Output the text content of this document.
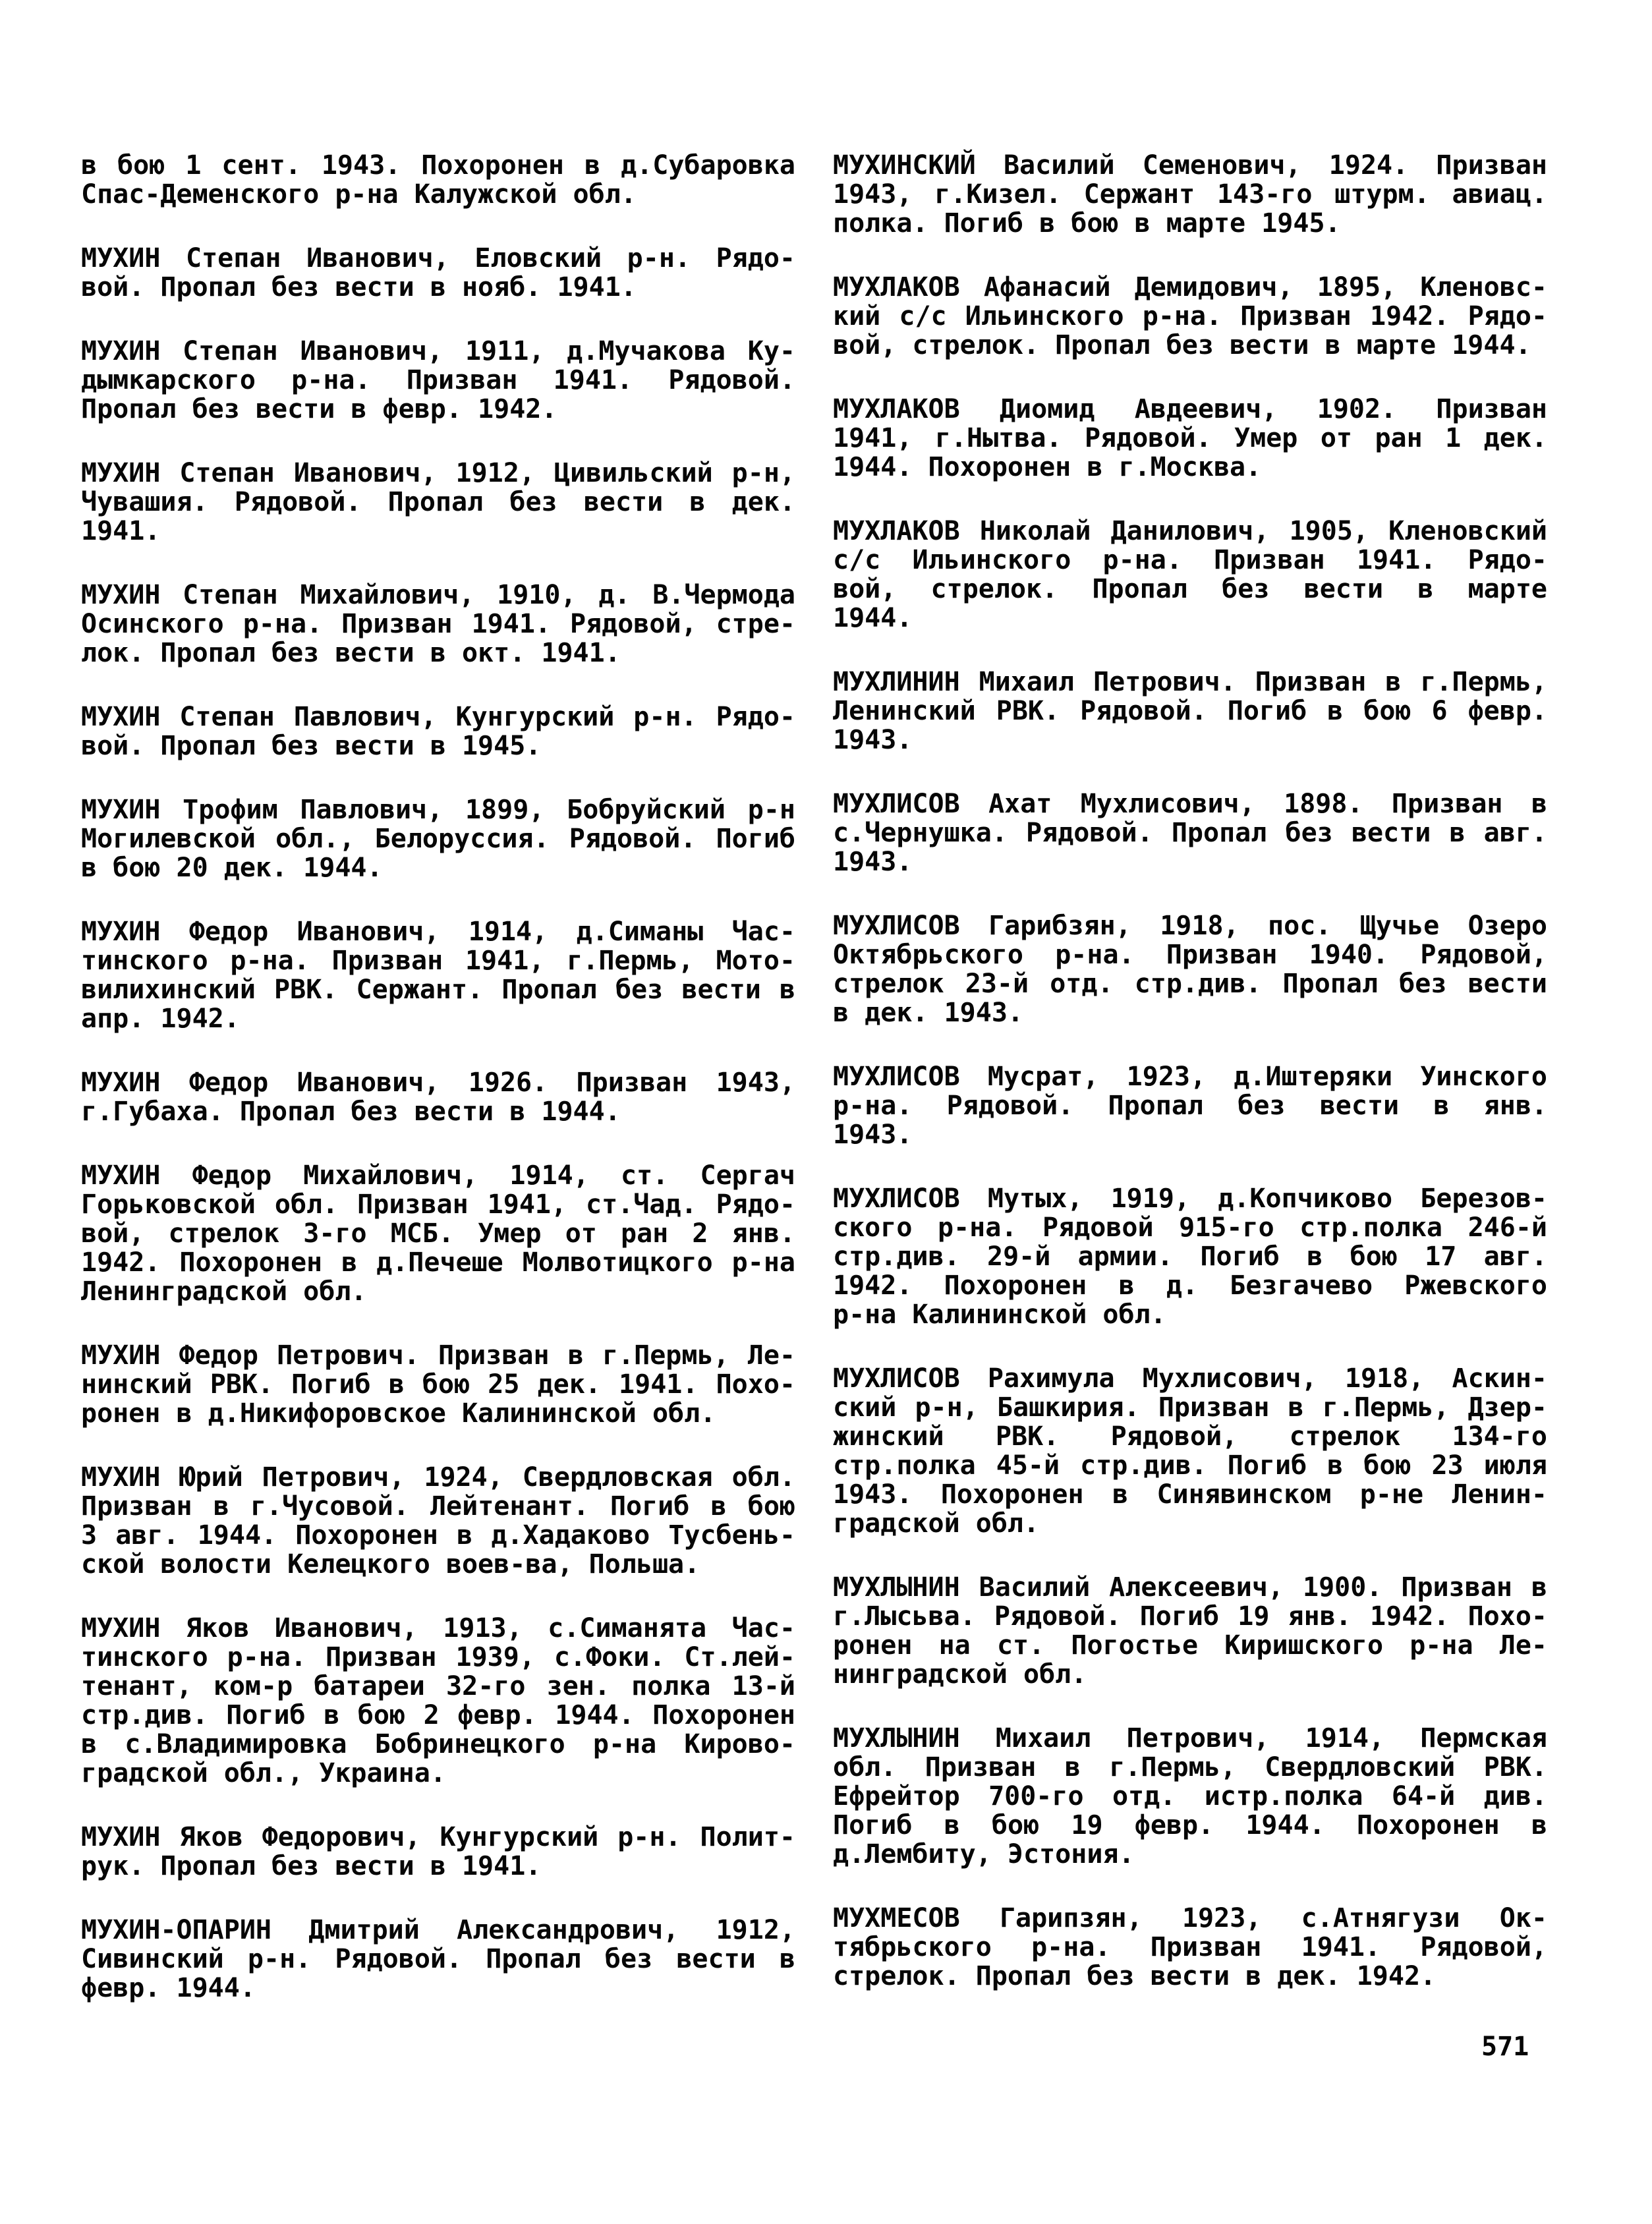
в бою 1 сент. 1943. Похоронен в д.Субаровка
Спас-Деменского р-на Калужской обл.
МУХИН Степан Иванович, Еловский р-н. Рядо-
вой. Пропал без вести в нояб. 1941.
МУХИН Степан Иванович, 1911, д.Мучакова Ку-
дымкарского р-на. Призван 1941. Рядовой.
Пропал без вести в февр. 1942.
МУХИН Степан Иванович, 1912, Цивильский р-н,
Чувашия. Рядовой. Пропал без вести в дек.
1941.
МУХИН Степан Михайлович, 1910, д. В.Чермода
Осинского р-на. Призван 1941. Рядовой, стре-
лок. Пропал без вести в окт. 1941.
МУХИН Степан Павлович, Кунгурский р-н. Рядо-
вой. Пропал без вести в 1945.
МУХИН Трофим Павлович, 1899, Бобруйский р-н
Могилевской обл., Белоруссия. Рядовой. Погиб
в бою 20 дек. 1944.
МУХИН Федор Иванович, 1914, д.Симаны Час-
тинского р-на. Призван 1941, г.Пермь, Мото-
вилихинский РВК. Сержант. Пропал без вести в
апр. 1942.
МУХИН Федор Иванович, 1926. Призван 1943,
г.Губаха. Пропал без вести в 1944.
МУХИН Федор Михайлович, 1914, ст. Сергач
Горьковской обл. Призван 1941, ст.Чад. Рядо-
вой, стрелок 3-го МСБ. Умер от ран 2 янв.
1942. Похоронен в д.Печеше Молвотицкого р-на
Ленинградской обл.
МУХИН Федор Петрович. Призван в г.Пермь, Ле-
нинский РВК. Погиб в бою 25 дек. 1941. Похо-
ронен в д.Никифоровское Калининской обл.
МУХИН Юрий Петрович, 1924, Свердловская обл.
Призван в г.Чусовой. Лейтенант. Погиб в бою
3 авг. 1944. Похоронен в д.Хадаково Тусбень-
ской волости Келецкого воев-ва, Польша.
МУХИН Яков Иванович, 1913, с.Симанята Час-
тинского р-на. Призван 1939, с.Фоки. Ст.лей-
тенант, ком-р батареи 32-го зен. полка 13-й
стр.див. Погиб в бою 2 февр. 1944. Похоронен
в с.Владимировка Бобринецкого р-на Кирово-
градской обл., Украина.
МУХИН Яков Федорович, Кунгурский р-н. Полит-
рук. Пропал без вести в 1941.
МУХИН-ОПАРИН Дмитрий Александрович, 1912,
Сивинский р-н. Рядовой. Пропал без вести в
февр. 1944.
МУХИНСКИЙ Василий Семенович, 1924. Призван
1943, г.Кизел. Сержант 143-го штурм. авиац.
полка. Погиб в бою в марте 1945.
МУХЛАКОВ Афанасий Демидович, 1895, Кленовс-
кий с/с Ильинского р-на. Призван 1942. Рядо-
вой, стрелок. Пропал без вести в марте 1944.
МУХЛАКОВ Диомид Авдеевич, 1902. Призван
1941, г.Нытва. Рядовой. Умер от ран 1 дек.
1944. Похоронен в г.Москва.
МУХЛАКОВ Николай Данилович, 1905, Кленовский
с/с Ильинского р-на. Призван 1941. Рядо-
вой, стрелок. Пропал без вести в марте
1944.
МУХЛИНИН Михаил Петрович. Призван в г.Пермь,
Ленинский РВК. Рядовой. Погиб в бою 6 февр.
1943.
МУХЛИСОВ Ахат Мухлисович, 1898. Призван в
с.Чернушка. Рядовой. Пропал без вести в авг.
1943.
МУХЛИСОВ Гарибзян, 1918, пос. Щучье Озеро
Октябрьского р-на. Призван 1940. Рядовой,
стрелок 23-й отд. стр.див. Пропал без вести
в дек. 1943.
МУХЛИСОВ Мусрат, 1923, д.Иштеряки Уинского
р-на. Рядовой. Пропал без вести в янв.
1943.
МУХЛИСОВ Мутых, 1919, д.Копчиково Березов-
ского р-на. Рядовой 915-го стр.полка 246-й
стр.див. 29-й армии. Погиб в бою 17 авг.
1942. Похоронен в д. Безгачево Ржевского
р-на Калининской обл.
МУХЛИСОВ Рахимула Мухлисович, 1918, Аскин-
ский р-н, Башкирия. Призван в г.Пермь, Дзер-
жинский РВК. Рядовой, стрелок 134-го
стр.полка 45-й стр.див. Погиб в бою 23 июля
1943. Похоронен в Синявинском р-не Ленин-
градской обл.
МУХЛЫНИН Василий Алексеевич, 1900. Призван в
г.Лысьва. Рядовой. Погиб 19 янв. 1942. Похо-
ронен на ст. Погостье Киришского р-на Ле-
нинградской обл.
МУХЛЫНИН Михаил Петрович, 1914, Пермская
обл. Призван в г.Пермь, Свердловский РВК.
Ефрейтор 700-го отд. истр.полка 64-й див.
Погиб в бою 19 февр. 1944. Похоронен в
д.Лембиту, Эстония.
МУХМЕСОВ Гарипзян, 1923, с.Атнягузи Ок-
тябрьского р-на. Призван 1941. Рядовой,
стрелок. Пропал без вести в дек. 1942.
571
